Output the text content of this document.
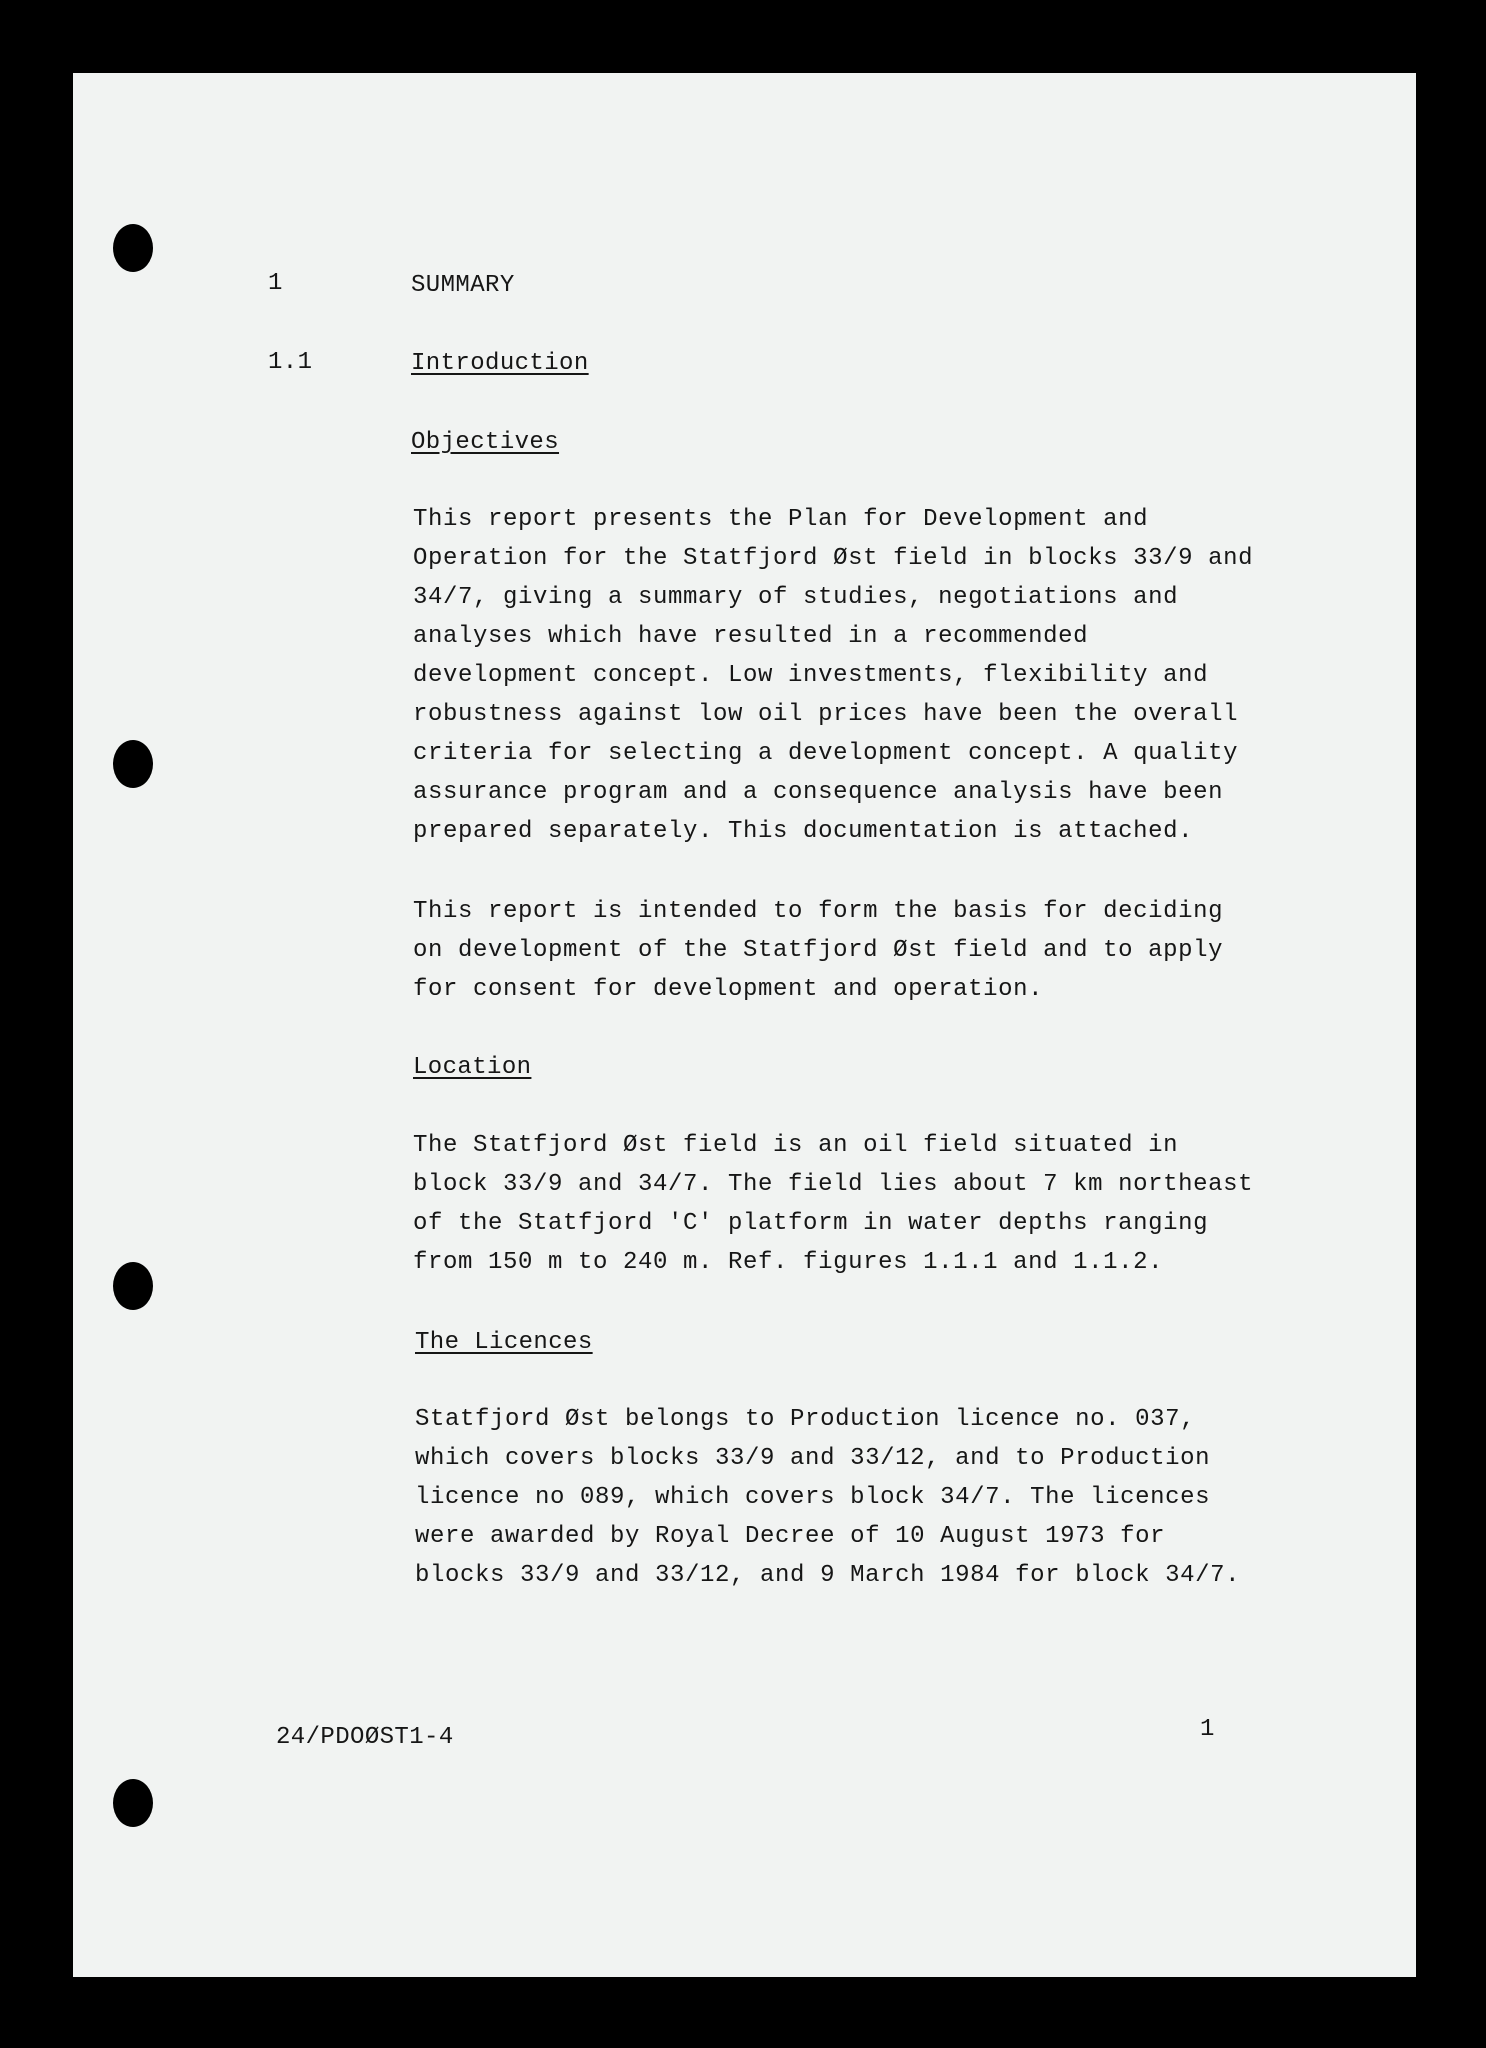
1	SUMMARY
1.1	Introduction
Objectives
This report presents the Plan for Development and
Operation for the Statfjord Øst field in blocks 33/9 and
34/7, giving a summary of studies, negotiations and
analyses which have resulted in a recommended
development concept. Low investments, flexibility and
robustness against low oil prices have been the overall
criteria for selecting a development concept. A quality
assurance program and a consequence analysis have been
prepared separately. This documentation is attached.
This report is intended to form the basis for deciding
on development of the Statfjord Øst field and to apply
for consent for development and operation.
Location
The Statfjord Øst field is an oil field situated in
block 33/9 and 34/7. The field lies about 7 km northeast
of the Statfjord 'C' platform in water depths ranging
from 150 m to 240 m. Ref. figures 1.1.1 and 1.1.2.
The Licences
Statfjord Øst belongs to Production licence no. 037,
which covers blocks 33/9 and 33/12, and to Production
licence no 089, which covers block 34/7. The licences
were awarded by Royal Decree of 10 August 1973 for
blocks 33/9 and 33/12, and 9 March 1984 for block 34/7.
24/PDOØST1-4	1
